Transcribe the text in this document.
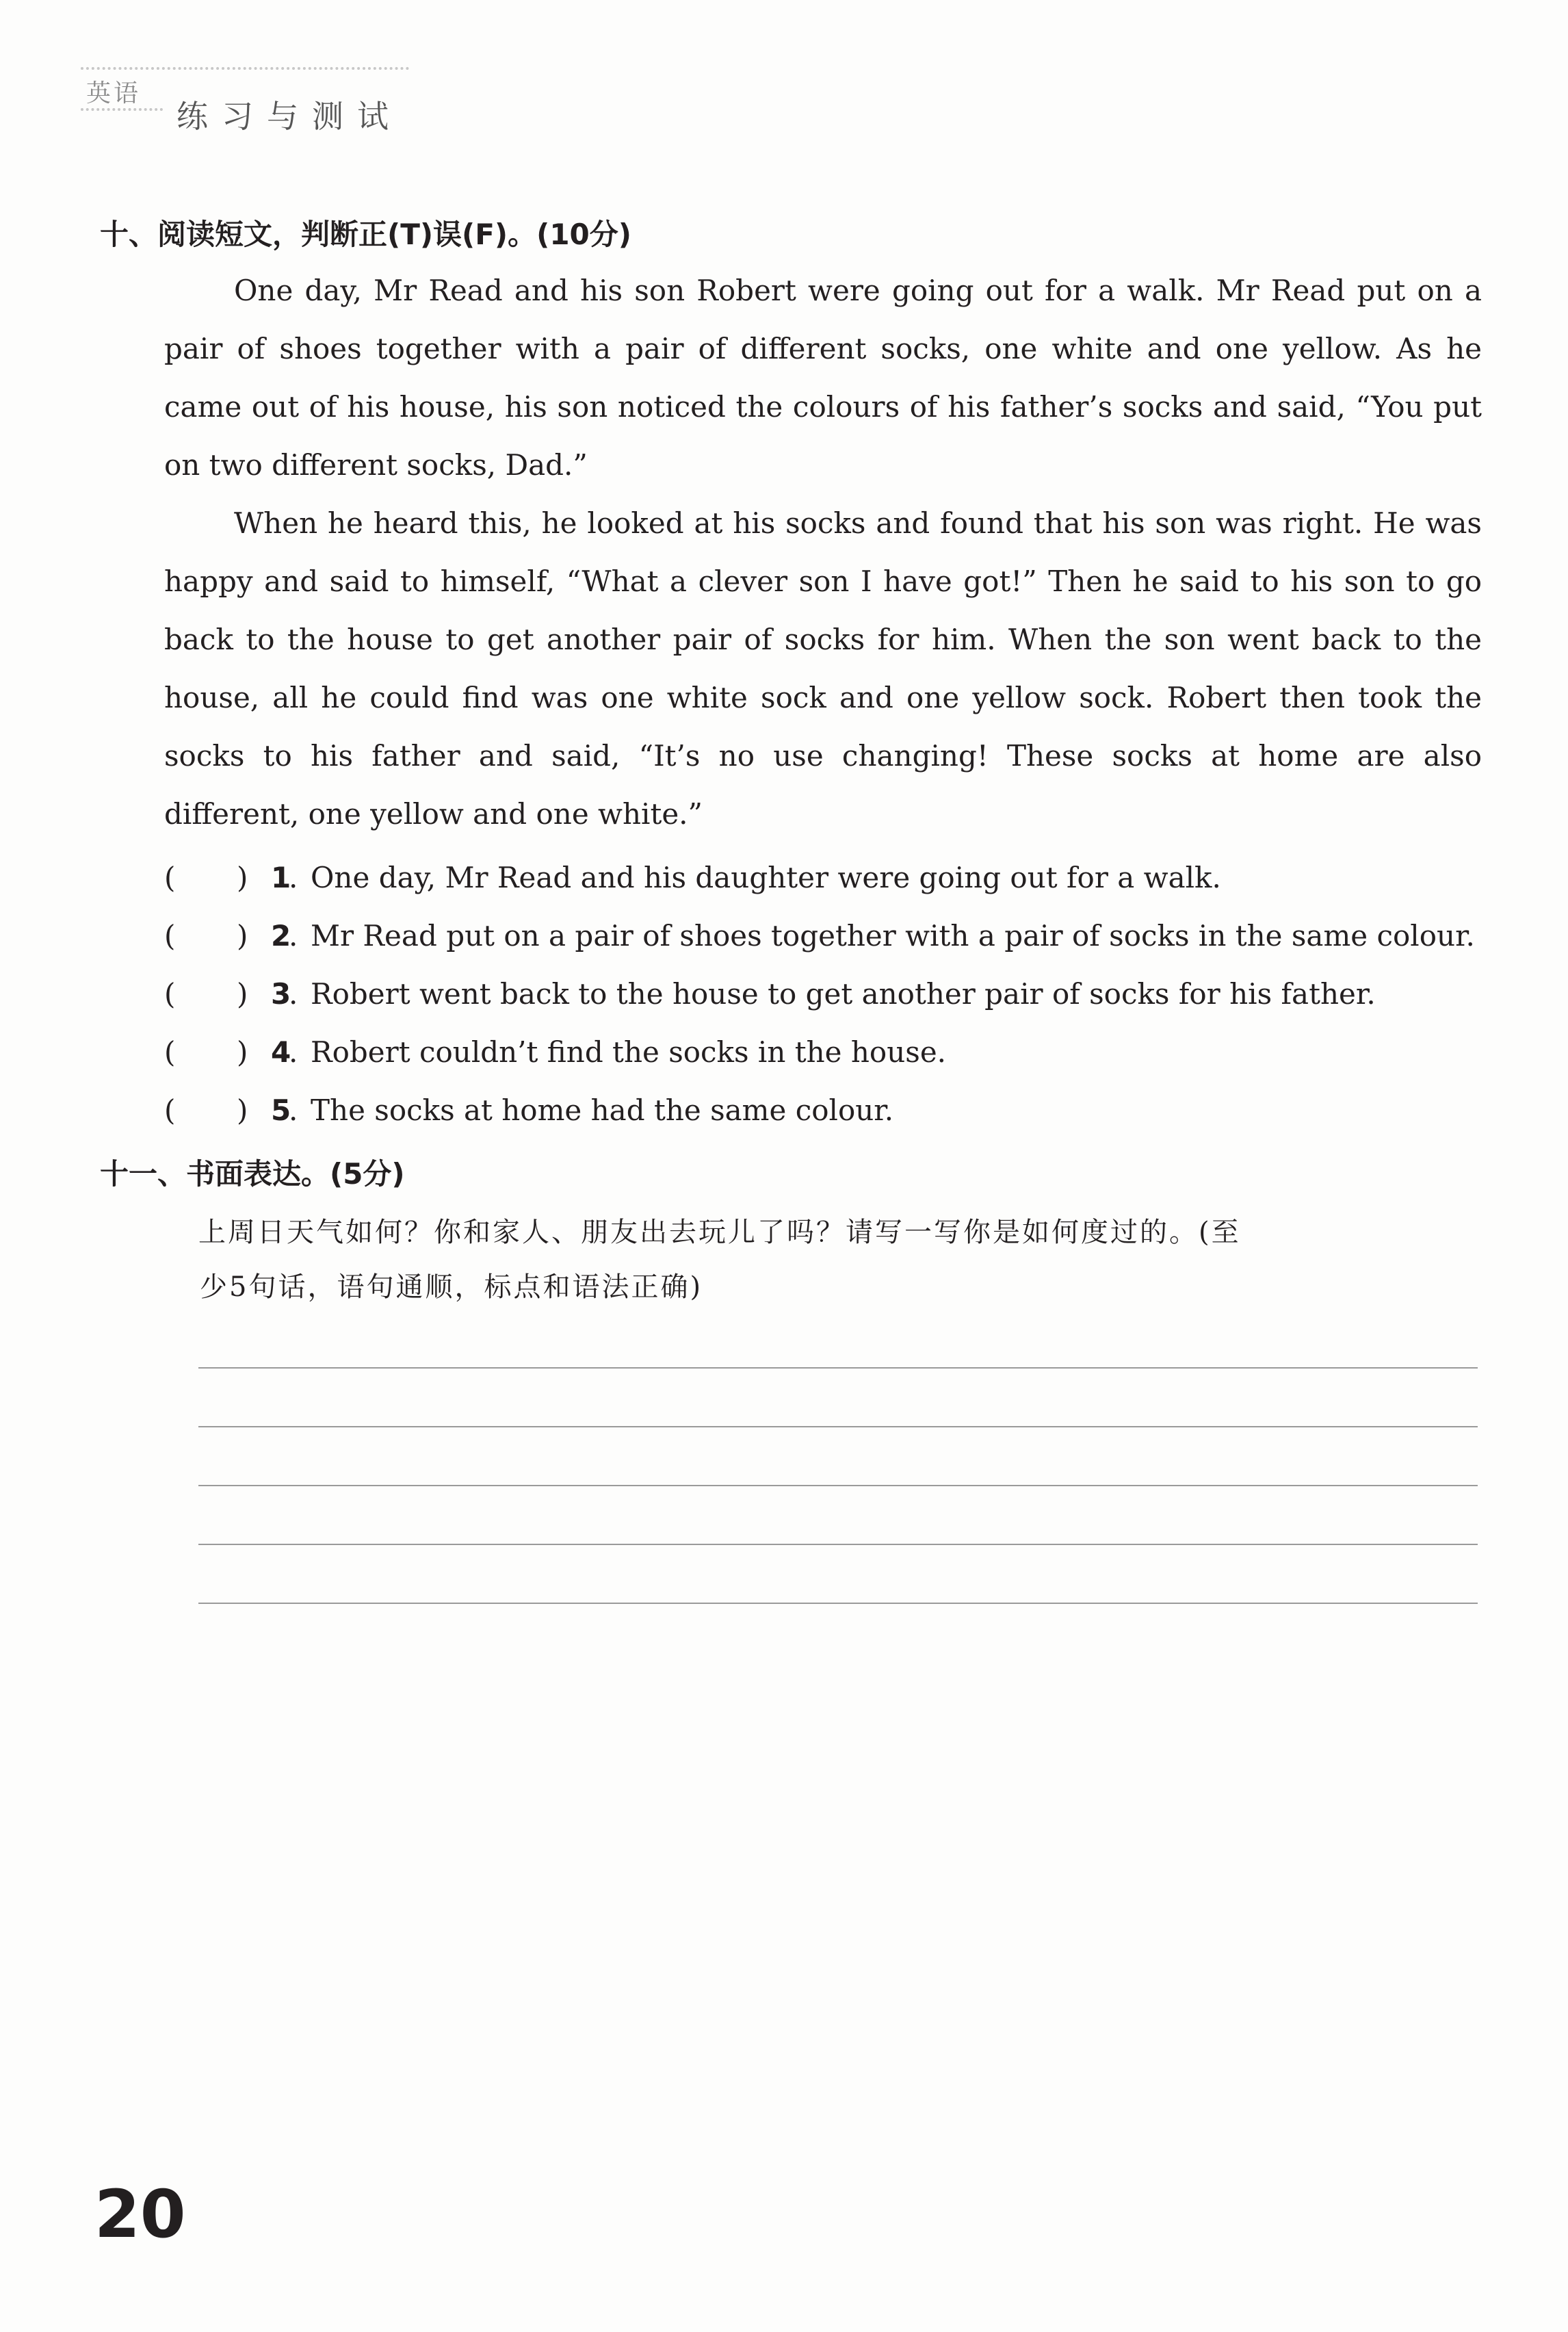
英语
练习与测试
十、阅读短文，判断正(T)误(F)。(10分)

One day, Mr Read and his son Robert were going out for a walk. Mr Read put on a pair of shoes together with a pair of different socks, one white and one yellow. As he came out of his house, his son noticed the colours of his father’s socks and said, “You put on two different socks, Dad.”

When he heard this, he looked at his socks and found that his son was right. He was happy and said to himself, “What a clever son I have got!” Then he said to his son to go back to the house to get another pair of socks for him. When the son went back to the house, all he could find was one white sock and one yellow sock. Robert then took the socks to his father and said, “It’s no use changing! These socks at home are also different, one yellow and one white.”

( ) 1
. One day, Mr Read and his daughter were going out for a walk.
( ) 2
. Mr Read put on a pair of shoes together with a pair of socks in the same colour.
( ) 3
. Robert went back to the house to get another pair of socks for his father.
( ) 4
. Robert couldn’t find the socks in the house.
( ) 5
. The socks at home had the same colour.
十一、书面表达。(5分)
上周日天气如何？你和家人、朋友出去玩儿了吗？请写一写你是如何度过的。(至
少5句话，语句通顺，标点和语法正确)
20
